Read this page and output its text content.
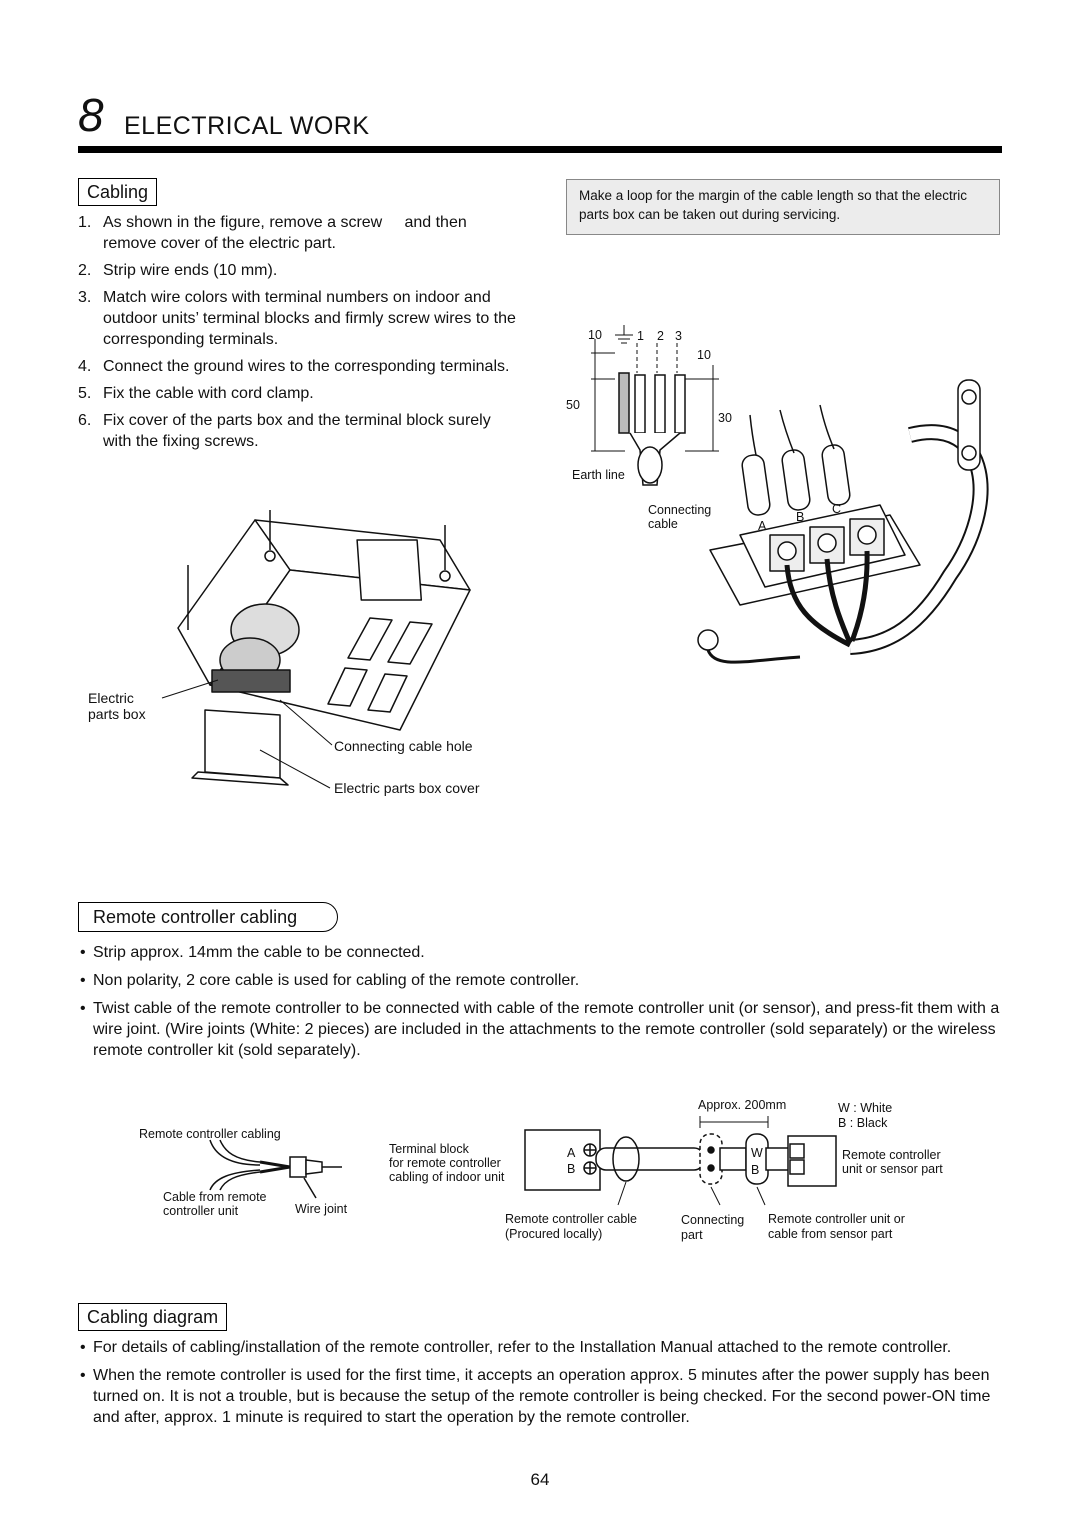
8 ELECTRICAL WORK
Cabling
1. As shown in the figure, remove a screw     and then remove cover of the electric part.
2. Strip wire ends (10 mm).
3. Match wire colors with terminal numbers on indoor and outdoor units’ terminal blocks and firmly screw wires to the corresponding terminals.
4. Connect the ground wires to the corresponding terminals.
5. Fix the cable with cord clamp.
6. Fix cover of the parts box and the terminal block surely with the fixing screws.
Make a loop for the margin of the cable length so that the electric parts box can be taken out during servicing.
Electric
parts box
Connecting cable hole
Electric parts box cover
10	1 2 3
10
50
30
Earth line
Connecting
cable	A
B
C
Remote controller cabling
• Strip approx. 14mm the cable to be connected.
• Non polarity, 2 core cable is used for cabling of the remote controller.
• Twist cable of the remote controller to be connected with cable of the remote controller unit (or sensor), and press-fit them with a wire joint. (Wire joints (White: 2 pieces) are included in the attachments to the remote controller (sold separately) or the wireless remote controller kit (sold separately).
Remote controller cabling
Cable from remote
controller unit	Wire joint
Terminal block
for remote controller
cabling of indoor unit
A
B
Approx. 200mm	W : White
B : Black
W
B
Remote controller
unit or sensor part
Remote controller cable
(Procured locally)
Connecting
part
Remote controller unit or
cable from sensor part
Cabling diagram
• For details of cabling/installation of the remote controller, refer to the Installation Manual attached to the remote controller.
• When the remote controller is used for the first time, it accepts an operation approx. 5 minutes after the power supply has been turned on. It is not a trouble, but is because the setup of the remote controller is being checked. For the second power-ON time and after, approx. 1 minute is required to start the operation by the remote controller.
64
